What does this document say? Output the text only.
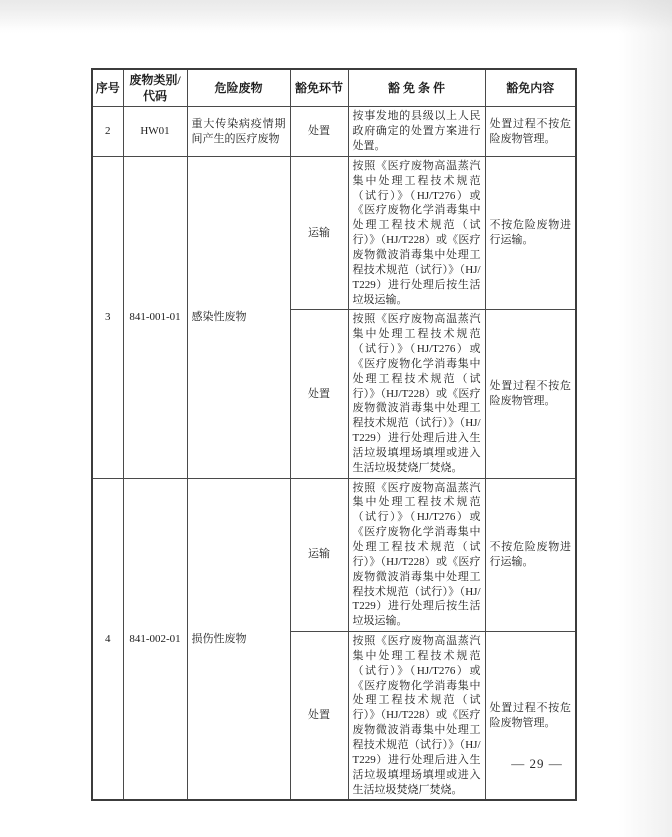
序号	废物类别/代码	危险废物	豁免环节	豁 免 条 件	豁免内容
2	HW01	重大传染病疫情期间产生的医疗废物	处置	按事发地的县级以上人民政府确定的处置方案进行处置。	处置过程不按危险废物管理。
3	841-001-01	感染性废物	运输	按照《医疗废物高温蒸汽集中处理工程技术规范（试行）》（HJ/T276）或《医疗废物化学消毒集中处理工程技术规范（试行）》（HJ/T228）或《医疗废物微波消毒集中处理工程技术规范（试行）》（HJ/T229）进行处理后按生活垃圾运输。	不按危险废物进行运输。
			处置	按照《医疗废物高温蒸汽集中处理工程技术规范（试行）》（HJ/T276）或《医疗废物化学消毒集中处理工程技术规范（试行）》（HJ/T228）或《医疗废物微波消毒集中处理工程技术规范（试行）》（HJ/T229）进行处理后进入生活垃圾填埋场填埋或进入生活垃圾焚烧厂焚烧。	处置过程不按危险废物管理。
4	841-002-01	损伤性废物	运输	按照《医疗废物高温蒸汽集中处理工程技术规范（试行）》（HJ/T276）或《医疗废物化学消毒集中处理工程技术规范（试行）》（HJ/T228）或《医疗废物微波消毒集中处理工程技术规范（试行）》（HJ/T229）进行处理后按生活垃圾运输。	不按危险废物进行运输。
			处置	按照《医疗废物高温蒸汽集中处理工程技术规范（试行）》（HJ/T276）或《医疗废物化学消毒集中处理工程技术规范（试行）》（HJ/T228）或《医疗废物微波消毒集中处理工程技术规范（试行）》（HJ/T229）进行处理后进入生活垃圾填埋场填埋或进入生活垃圾焚烧厂焚烧。	处置过程不按危险废物管理。
— 29 —
